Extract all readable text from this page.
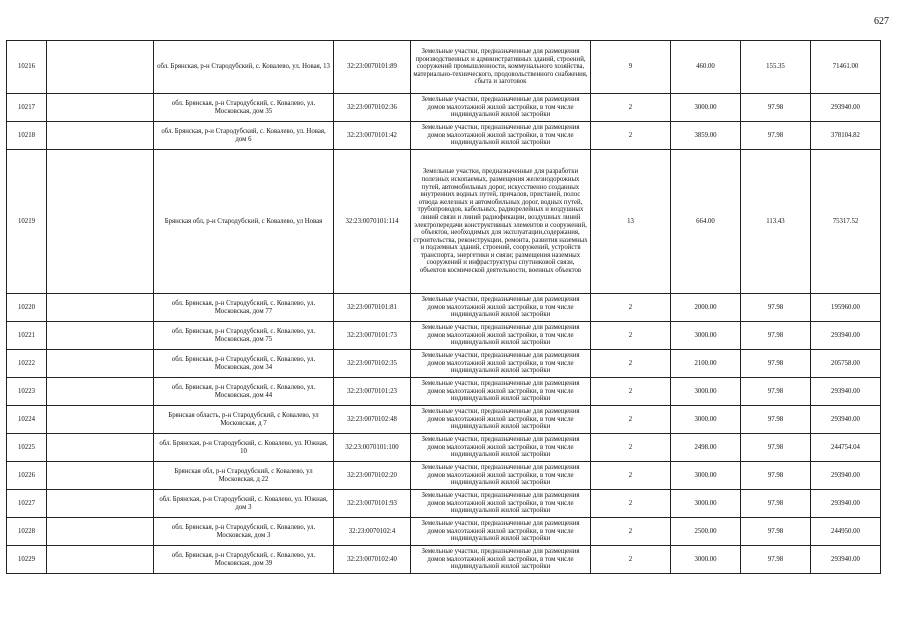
627
10216		обл. Брянская, р-н Стародубский, с. Ковалево, ул. Новая, 13	32:23:0070101:89	Земельные участки, предназначенные для размещения производственных и административных зданий, строений, сооружений промышленности, коммунального хозяйства, материально-технического, продовольственного снабжения, сбыта и заготовок	9	460.00	155.35	71461.00
10217		обл. Брянская, р-н Стародубский, с. Ковалево, ул. Московская, дом 35	32:23:0070102:36	Земельные участки, предназначенные для размещения домов малоэтажной жилой застройки, в том числе индивидуальной жилой застройки	2	3000.00	97.98	293940.00
10218		обл. Брянская, р-н Стародубский, с. Ковалево, ул. Новая, дом 6	32:23:0070101:42	Земельные участки, предназначенные для размещения домов малоэтажной жилой застройки, в том числе индивидуальной жилой застройки	2	3859.00	97.98	378104.82
10219		Брянская обл, р-н Стародубский, с Ковалево, ул Новая	32:23:0070101:114	Земельные участки, предназначенные для разработки полезных ископаемых, размещения железнодорожных путей, автомобильных дорог, искусственно созданных внутренних водных путей, причалов, пристаней, полос отвода железных и автомобильных дорог, водных путей, трубопроводов, кабельных, радиорелейных и воздушных линий связи и линий радиофикации, воздушных линий электропередачи конструктивных элементов и сооружений, объектов, необходимых для эксплуатации,содержания, строительства, реконструкции, ремонта, развития наземных и подземных зданий, строений, сооружений, устройств транспорта, энергетики и связи; размещения наземных сооружений и инфраструктуры спутниковой связи, объектов космической деятельности, военных объектов	13	664.00	113.43	75317.52
10220		обл. Брянская, р-н Стародубский, с. Ковалево, ул. Московская, дом 77	32:23:0070101:81	Земельные участки, предназначенные для размещения домов малоэтажной жилой застройки, в том числе индивидуальной жилой застройки	2	2000.00	97.98	195960.00
10221		обл. Брянская, р-н Стародубский, с. Ковалево, ул. Московская, дом 75	32:23:0070101:73	Земельные участки, предназначенные для размещения домов малоэтажной жилой застройки, в том числе индивидуальной жилой застройки	2	3000.00	97.98	293940.00
10222		обл. Брянская, р-н Стародубский, с. Ковалево, ул. Московская, дом 34	32:23:0070102:35	Земельные участки, предназначенные для размещения домов малоэтажной жилой застройки, в том числе индивидуальной жилой застройки	2	2100.00	97.98	205758.00
10223		обл. Брянская, р-н Стародубский, с. Ковалево, ул. Московская, дом 44	32:23:0070101:23	Земельные участки, предназначенные для размещения домов малоэтажной жилой застройки, в том числе индивидуальной жилой застройки	2	3000.00	97.98	293940.00
10224		Брянская область, р-н Стародубский, с Ковалево, ул Московская, д 7	32:23:0070102:48	Земельные участки, предназначенные для размещения домов малоэтажной жилой застройки, в том числе индивидуальной жилой застройки	2	3000.00	97.98	293940.00
10225		обл. Брянская, р-н Стародубский, с. Ковалево, ул. Южная, 10	32:23:0070101:100	Земельные участки, предназначенные для размещения домов малоэтажной жилой застройки, в том числе индивидуальной жилой застройки	2	2498.00	97.98	244754.04
10226		Брянская обл, р-н Стародубский, с Ковалево, ул Московская, д 22	32:23:0070102:20	Земельные участки, предназначенные для размещения домов малоэтажной жилой застройки, в том числе индивидуальной жилой застройки	2	3000.00	97.98	293940.00
10227		обл. Брянская, р-н Стародубский, с. Ковалево, ул. Южная, дом 3	32:23:0070101:93	Земельные участки, предназначенные для размещения домов малоэтажной жилой застройки, в том числе индивидуальной жилой застройки	2	3000.00	97.98	293940.00
10228		обл. Брянская, р-н Стародубский, с. Ковалево, ул. Московская, дом 3	32:23:0070102:4	Земельные участки, предназначенные для размещения домов малоэтажной жилой застройки, в том числе индивидуальной жилой застройки	2	2500.00	97.98	244950.00
10229		обл. Брянская, р-н Стародубский, с. Ковалево, ул. Московская, дом 39	32:23:0070102:40	Земельные участки, предназначенные для размещения домов малоэтажной жилой застройки, в том числе индивидуальной жилой застройки	2	3000.00	97.98	293940.00
